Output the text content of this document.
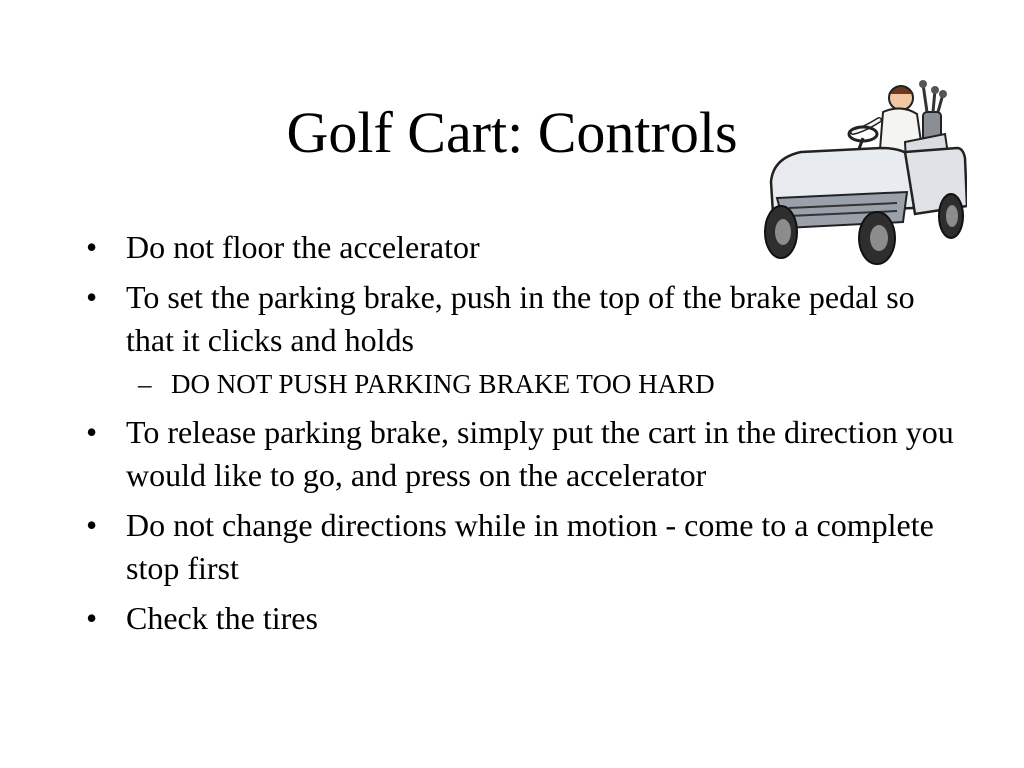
Golf Cart: Controls
• Do not floor the accelerator
• To set the parking brake, push in the top of the brake pedal so that it clicks and holds
– DO NOT PUSH PARKING BRAKE TOO HARD
• To release parking brake, simply put the cart in the direction you would like to go, and press on the accelerator
• Do not change directions while in motion - come to a complete stop first
• Check the tires
